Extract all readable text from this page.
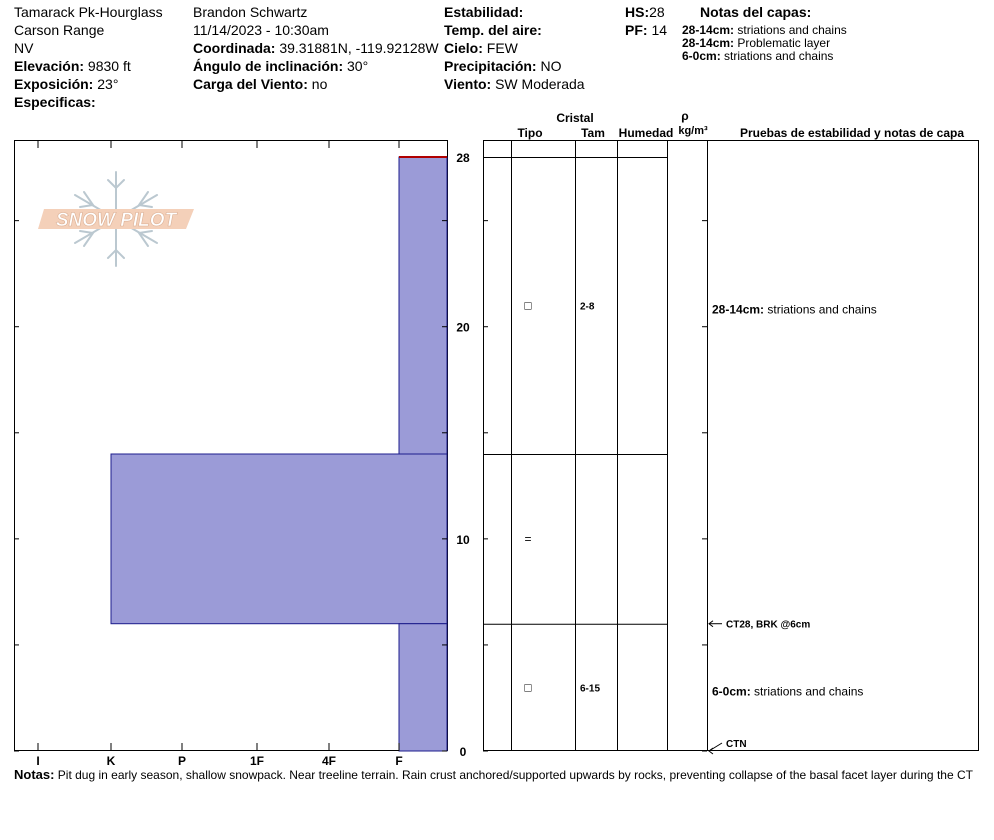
Tamarack Pk-Hourglass
Carson Range
NV
Elevación: 9830 ft
Exposición: 23°
Especificas:
Brandon Schwartz
11/14/2023 - 10:30am
Coordinada: 39.31881N, -119.92128W
Ángulo de inclinación: 30°
Carga del Viento: no
Estabilidad:
Temp. del aire:
Cielo: FEW
Precipitación: NO
Viento: SW Moderada
HS:28
PF: 14
Notas del capas:
28-14cm: striations and chains
28-14cm: Problematic layer
6-0cm: striations and chains
I	K	P	1F	4F	F
0
10
20
28
SNOW PILOT
□	2-8	28-14cm: striations and chains
=
□	6-15	6-0cm: striations and chains
CT28, BRK @6cm
CTN
Cristal
Tipo	Tam Humedad
ρ
kg/m³	Pruebas de estabilidad y notas de capa
Notas: Pit dug in early season, shallow snowpack. Near treeline terrain. Rain crust anchored/supported upwards by rocks, preventing collapse of the basal facet layer during the CT
